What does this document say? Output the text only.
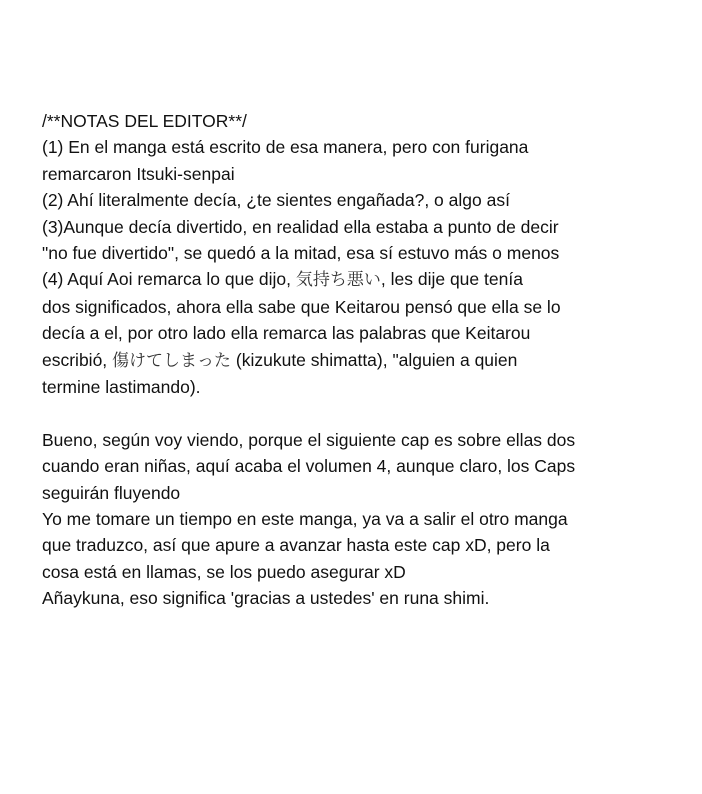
/**NOTAS DEL EDITOR**/
(1) En el manga está escrito de esa manera, pero con furigana
remarcaron Itsuki-senpai
(2) Ahí literalmente decía, ¿te sientes engañada?, o algo así
(3)Aunque decía divertido, en realidad ella estaba a punto de decir
"no fue divertido", se quedó a la mitad, esa sí estuvo más o menos
(4) Aquí Aoi remarca lo que dijo, 気持ち悪い, les dije que tenía
dos significados, ahora ella sabe que Keitarou pensó que ella se lo
decía a el, por otro lado ella remarca las palabras que Keitarou
escribió, 傷けてしまった (kizukute shimatta), "alguien a quien
termine lastimando).
Bueno, según voy viendo, porque el siguiente cap es sobre ellas dos
cuando eran niñas, aquí acaba el volumen 4, aunque claro, los Caps
seguirán fluyendo
Yo me tomare un tiempo en este manga, ya va a salir el otro manga
que traduzco, así que apure a avanzar hasta este cap xD, pero la
cosa está en llamas, se los puedo asegurar xD
Añaykuna, eso significa 'gracias a ustedes' en runa shimi.
